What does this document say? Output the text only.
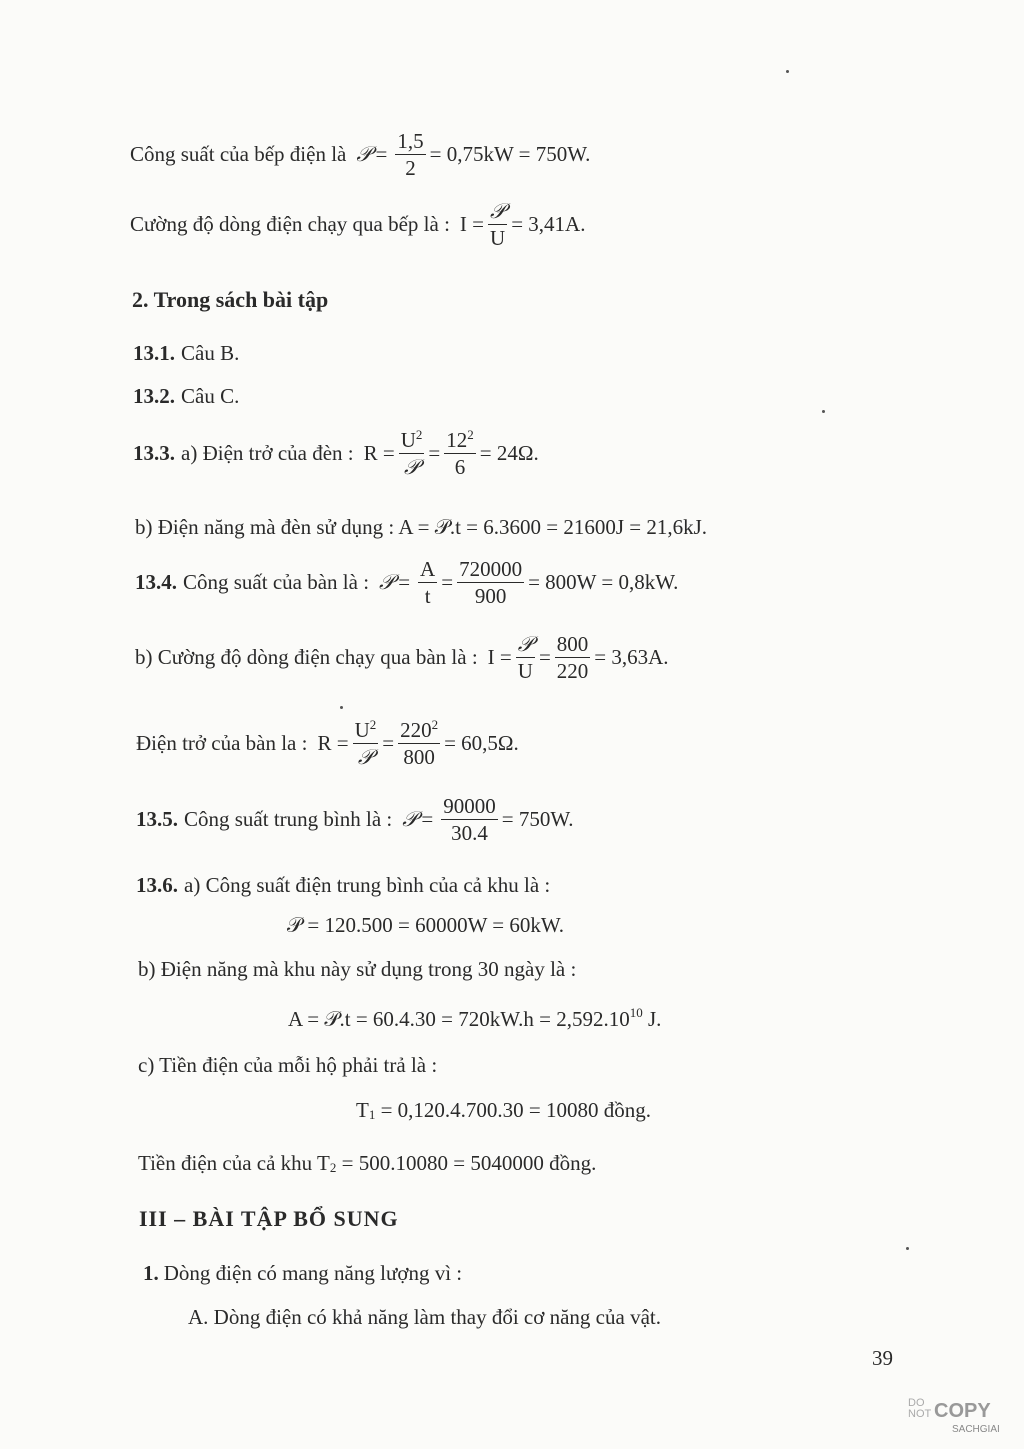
Công suất của bếp điện là 𝒫 = $\frac{1,5}{2} = 0,75kW = 750W$.
Cường độ dòng điện chạy qua bếp là : $I = \frac{\text{𝒫}}{U} = 3,41A$.
2. Trong sách bài tập
13.1. Câu B.
13.2. Câu C.
13.3. a) Điện trở của đèn : $R = \frac{U^2}{\text{𝒫}} = \frac{12^2}{6} = 24\Omega$.
b) Điện năng mà đèn sử dụng : A = 𝒫.t = 6.3600 = 21600J = 21,6kJ.
13.4. Công suất của bàn là : 𝒫 = $\frac{A}{t} = \frac{720000}{900} = 800W = 0,8kW$.
b) Cường độ dòng điện chạy qua bàn là : $I = \frac{\text{𝒫}}{U} = \frac{800}{220} = 3,63A$.
Điện trở của bàn la : $R = \frac{U^2}{\text{𝒫}} = \frac{220^2}{800} = 60,5\Omega$.
13.5. Công suất trung bình là : 𝒫 = $\frac{90000}{30.4} = 750W$.
13.6. a) Công suất điện trung bình của cả khu là :
𝒫 = 120.500 = 60000W = 60kW.
b) Điện năng mà khu này sử dụng trong 30 ngày là :
A = 𝒫.t = $60.4.30 = 720kW.h = 2,592.10^{10}$ J.
c) Tiền điện của mỗi hộ phải trả là :
$T_1 = 0,120.4.700.30 = 10080$ đồng.
Tiền điện của cả khu $T_2 = 500.10080 = 5040000$ đồng.
III – BÀI TẬP BỔ SUNG
1. Dòng điện có mang năng lượng vì :
A. Dòng điện có khả năng làm thay đổi cơ năng của vật.
39
DO
NOT COPY
SACHGIAI
